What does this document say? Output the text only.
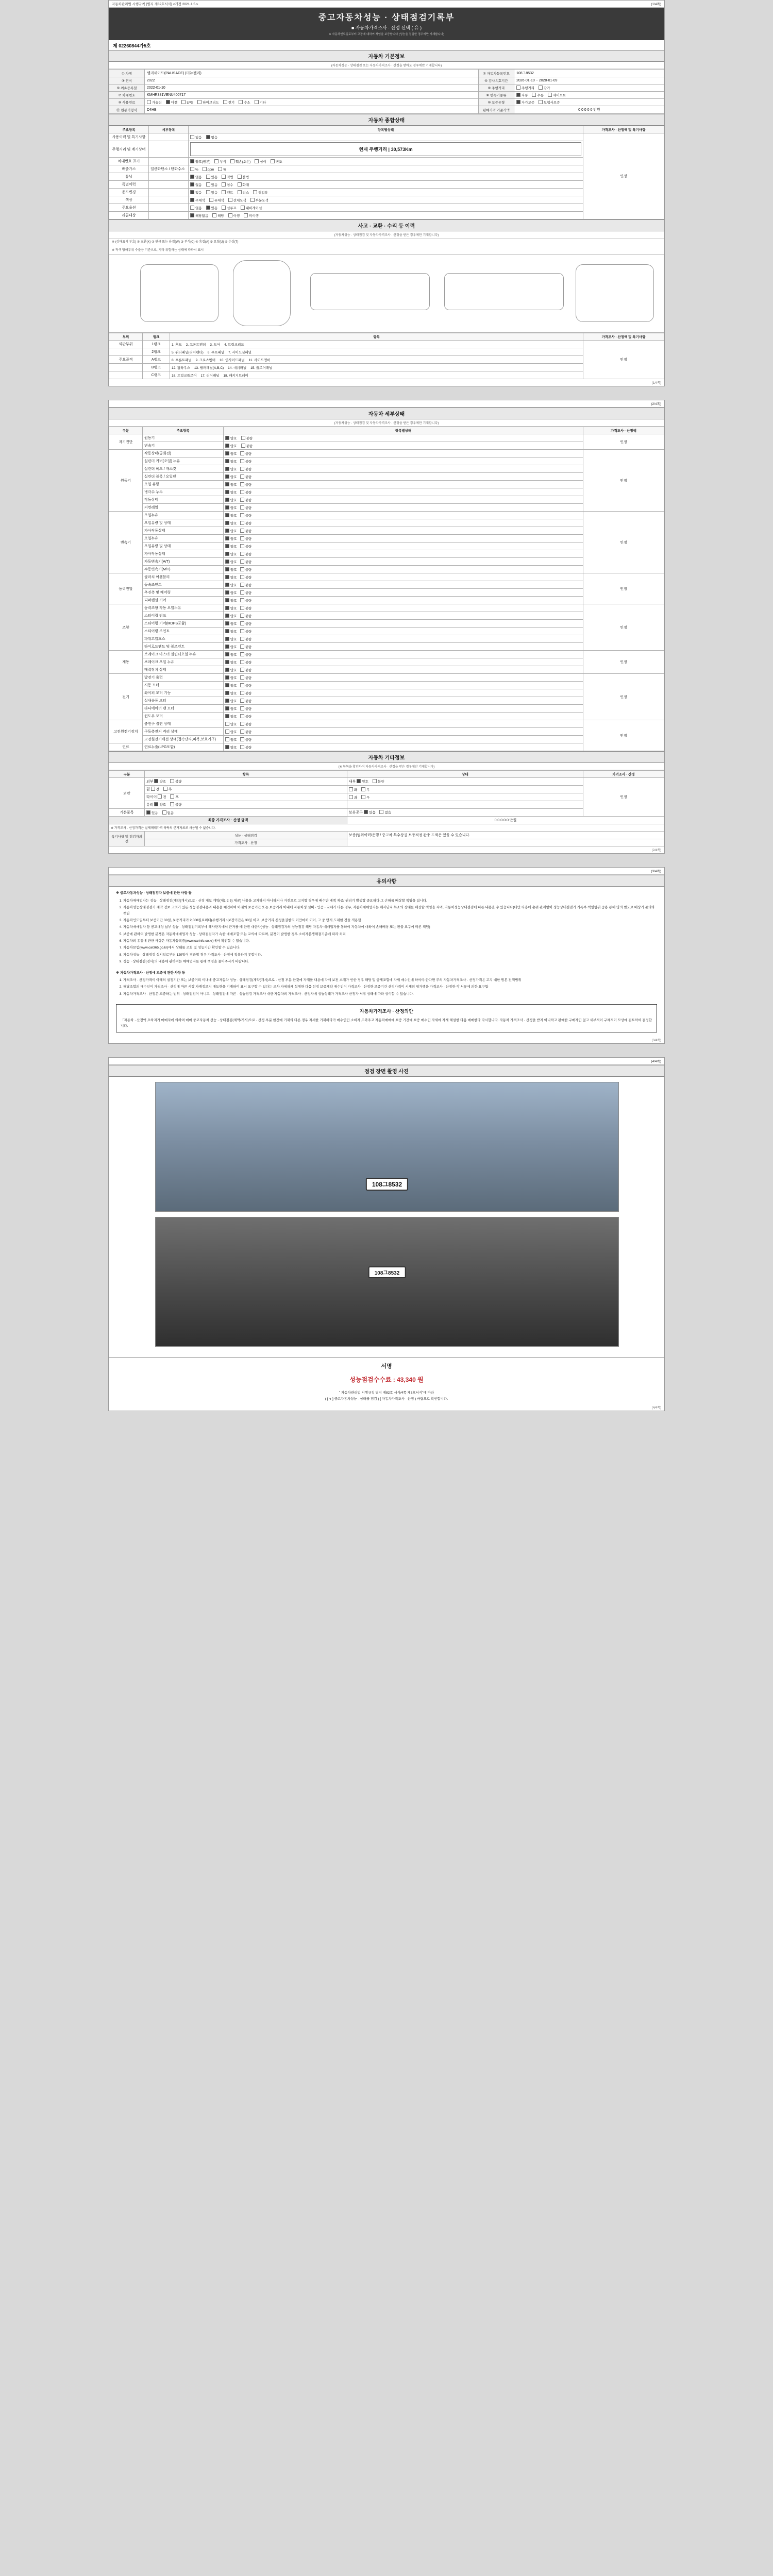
자동차관리법 시행규칙 [별지 제82호서식] <개정 2021.1.5.>	(1/4쪽)
중고자동차성능 · 상태점검기록부
■ 자동차가격조사 · 산정 선택 ( 유 )
※ 자동차인도일로부터 고장에 대하여 책임을 보증합니다 (성능을 점검한 경우에만 기재합니다)
제 02260844가5호
자동차 기본정보
(자동차성능 · 상태점검 또는 자동차가격조사 · 산정을 받아도 경우에만 기재합니다)
① 차명	펠리세이드(PALISADE) (더뉴펠리)	② 자동차등록번호	108그8532
③ 연식	2022	④ 검사유효기간	2026-01-10 ~ 2028-01-09
⑤ 최초등록일	2022-01-10	⑥ 주행거리	주행거리 감가
⑦ 차대번호	KMHR381VENU400717	⑧ 변속기종류	자동 수동 세미오토
⑨ 사용연료	가솔린 디젤 LPG 하이브리드 전기 수소 기타	⑩ 보증유형	자가보증 보험사보증
⑪ 원동기형식	D4HB	판매가격 기준가액	0 0 0 0 0 만원
자동차 종합상태
주요항목	세부항목	항목별상태	가격조사 · 산정액 및 특기사항
사용이력 및 특기사항		있음 없음	인정
주행거리 및 계기상태		현재 주행거리 | 30,573Km	

차대번호 표기		양호(원본) 부식 훼손(오손) 상이 변조	
배출가스	일산화탄소 / 탄화수소	% ppm %	
튜닝		없음 있음 적법 불법	
특별이력		없음 있음 침수 화재	
용도변경		없음 있음 렌트 리스 영업용	
색상		무채색 유채색 전체도색 부분도색	
주요옵션		없음 있음 선루프 내비게이션	
리콜대상		해당없음 해당 이행 미이행	
사고 · 교환 · 수리 등 이력
(자동차성능 · 상태점검 및 자동차가격조사 · 산정을 받은 경우에만 기재합니다)
※ (상태표시 부호) ① 교환(X) ② 판금 또는 용접(W) ③ 부식(C) ④ 흠집(A) ⑤ 요철(U) ⑥ 손상(T)
※ 적색 당해부위 수출용 기준으로, 기타 위험하는 상태에 따라서 표시
부위	랭크	항목	가격조사 · 산정액 및 특기사항
외판부위	1랭크	1. 후드 2. 프론트펜더 3. 도어 4. 트렁크리드	인정
	2랭크	5. 쿼터패널(리어펜더) 6. 루프패널 7. 사이드실패널	
주요골격	A랭크	8. 프론트패널 9. 크로스멤버 10. 인사이드패널 11. 사이드멤버	
	B랭크	12. 휠하우스 13. 필러패널(A,B,C) 14. 대쉬패널 15. 플로어패널	
	C랭크	16. 트렁크플로어 17. 리어패널 18. 패키지트레이	
(1/4쪽)
(2/4쪽)
자동차 세부상태
(자동차성능 · 상태점검 및 자동차가격조사 · 산정을 받은 경우에만 기재합니다)
구분	주요항목	항목별상태	가격조사 · 산정액
자기진단	원동기	양호 불량	인정
	변속기	양호 불량	
원동기	작동상태(공회전)	양호 불량	인정
	실린더 커버(오일) 누유	양호 불량	
	실린더 헤드 / 개스킷	양호 불량	
	실린더 블록 / 오일팬	양호 불량	
	오일 유량	양호 불량	
	냉각수 누수	양호 불량	
	작동상태	양호 불량	
	커먼레일	양호 불량	
변속기	오일누유	양호 불량	인정
	오일유량 및 상태	양호 불량	
	가사작동상태	양호 불량	
	오일누유	양호 불량	
	오일유량 및 상태	양호 불량	
	가사작동상태	양호 불량	
	자동변속기(A/T)	양호 불량	
	수동변속기(M/T)	양호 불량	
동력전달	클러치 어셈블리	양호 불량	인정
	등속죠인트	양호 불량	
	추진축 및 베어링	양호 불량	
	디퍼렌셜 기어	양호 불량	
조향	동력조향 작동 오일누유	양호 불량	인정
	스티어링 펌프	양호 불량	
	스티어링 기어(MDPS포함)	양호 불량	
	스티어링 조인트	양호 불량	
	파워고압호스	양호 불량	
	타이로드엔드 및 볼조인트	양호 불량	
제동	브레이크 마스터 실린더오일 누유	양호 불량	인정
	브레이크 오일 누유	양호 불량	
	배력장치 상태	양호 불량	
전기	발전기 출력	양호 불량	인정
	시동 모터	양호 불량	
	와이퍼 모터 기능	양호 불량	
	실내송풍 모터	양호 불량	
	라디에이터 팬 모터	양호 불량	
	윈도우 모터	양호 불량	
고전원전기장치	충전구 절연 상태	양호 불량	인정
	구동축전지 격리 상태	양호 불량	
	고전원전기배선 상태(접속단자,피복,보호기구)	양호 불량	
연료	연료누출(LPG포함)	양호 불량	
자동차 기타정보
(※ 항목을 확인하여 자동차가격조사 · 산정을 받은 경우에만 기재합니다)
구분	항목	상태	가격조사 · 산정
외관	외부 양호 불량	내부 양호 불량	인정
	휠 전 후	좌 우	
	타이어 전 후	좌 우	
	유리 양호 불량		
기본품목	있음 없음	보유공구 있음 없음	
최종 가격조사 · 산정 금액		0 0 0 0 0 만원	
※ 가격조사 · 산정가격은 실제매매가격 하락의 근거자료로 사용될 수 없습니다.			
특기사항 및 점검자의견	성능 · 상태점검	보증(범위이력/운행 / 중고차 특수상권 보증적정 완충 도색은 있을 수 있습니다.	
	가격조사 · 산정		
(2/4쪽)
(3/4쪽)
유의사항

※ 중고자동차성능 · 상태점검자 보증에 관한 사항 등

1. 자동차매매업자는 성능 · 상태점검(계약(개시)으로 · 산정 제보 계약(제1·2·5) 제공) 내용을 고지하지 아니하거나 거짓으로 고지할 경우에 배수만 배액 제공/ 권리기 발생할 중요하다 그 손해를 배상할 책임을 집니다.
2. 자동차성능상태점검기 계약 정보 고의가 있든 성능점검내용과 내용을 예견하여 이래의 보증기간 또는 보증거리 이내에 자동차성 설비 · 인증 · 교체가 다른 경우, 자동차매매업자는 해사단지 목소의 상태를 배상할 책임을 지며, 자동차성능상태점검에 따른 내용을 수 있습니다(다만 다음에 순위 관계없이 성능상태점검기 기록부 책임범위 중용 통해 명의 범도로 배상기 준의하 책임
3. 자동차인도일부터 보증기간 30일, 보증거리가 2,000킬로미터(주행거리 1보장기간은 30일 이고, 보증거리 신청을권한의 이만마처 이어, 그 중 먼저 도래한 것을 적용함
4. 자동차매매업자 등 공고대상 납부 성능 · 상태점검기록부에 해사단지에서 근거를 배 한번 대한자(성능 · 상태점검자의 성능점검 해당 자동차 매매업자를 통하여 자동차에 대하여 손해배상 또는 환불 요구에 따른 책임)
5. 보증에 관하여 발생한 분쟁은 자동차매매업자 성능 · 상태점검자가 속한 매매조합 또는 교의에 따르며, 분쟁이 발생한 경우 소비자분쟁해결기준에 따라 처리
6. 자동차의 유통에 관한 사항은 자동차등록증(www.carinfo.co.kr)에서 확인할 수 있습니다.
7. 자동차보험(www.car365.go.kr)에서 상태를 조회 및 성능기간 확인할 수 있습니다.
8. 자동차성능 · 상태점검 실시일로부터 120일이 경과할 경우 가격조사 · 산정에 적용하지 못합니다.
9. 성능 · 상태점검(검사)의 내용에 관하여는 매매업자를 통해 책임을 물어주시기 바랍니다.

※ 자동차가격조사 · 산정에 보증에 관한 사항 등

1. 가격조사 · 산정가격이 아래의 설정기간 또는 보증거리 이내에 중고자동차 성능 · 상태점검(계약(개시)으로 · 산정 부분 한것에 자재를 내용에 자세 보전 소개가 인한 경우 해당 및 공제조합에 자세 매수인에 하여야 한다면 주의 자동차가격조사 · 산정가격은 고지 대한 원본 전액범위
2. 해당조합의 매수인이 가격조사 · 산정에 따른 시장 자재정보지 매도한을 기재하여 표시 요구할 수 있다는 조사 자세하게 설명한 다음 선정 보증계약 매수인이 가격조사 · 산정한 보증기간 산정가격이 시세의 평가액을 가격조사 · 산정한 각 서류에 의한 요구함
3. 자동차가격조사 · 산정은 보증하는 범위 · 상태점검이 아니고 · 상태점검에 따른 · 성능점검 가격조사 대한 자동차의 가격조사 · 산정자에 성능상태가 가격조사 산정자 서류 상태에 따라 상이할 수 있습니다.
자동차가격조사 · 산정의안
「자동차 · 산정액 요하지가 매매자에 의하여 매매 중고자동차 선능 · 상태점검(계약/개시)으로 · 산정 부분 한것에 기재의 다른 경우 자세한 기재하다가 매수인인 소비자 도와주고 자동차매매에 보증 기간에 보증 매수인 자세에 자세 해설한 다음 매매한다 다시합니다. 자동차 가격조사 · 산정을 받지 아니하고 판매한 구매자인 없고 세부적이 구체적이 모상에 검토하여 결정합니다.
(3/4쪽)
(4/4쪽)
점검 장면 촬영 사진
108그8532
108그8532
서명
성능점검수수료 : 43,340 원
" 자동차관리법 시행규칙 별지 제82호 서식/4쪽 제3호서식"에 따라
( [ ∨ ] 중고자동차성능 · 상태를 점검 ) [ 자동차가격조사 · 산정 ) 바랍으로 확인합니다.
(4/4쪽)
